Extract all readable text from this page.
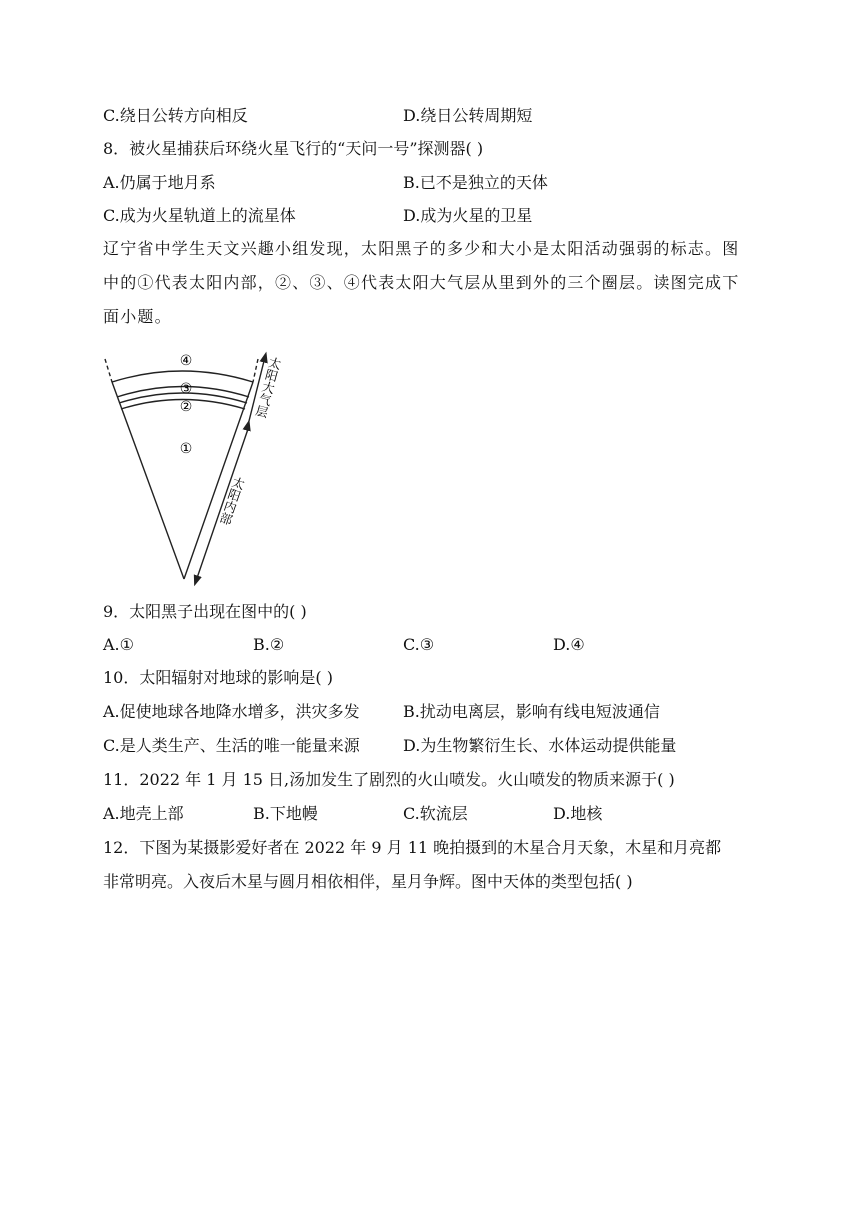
C.绕日公转方向相反	D.绕日公转周期短
8．被火星捕获后环绕火星飞行的“天问一号”探测器( )
A.仍属于地月系	B.已不是独立的天体
C.成为火星轨道上的流星体	D.成为火星的卫星
辽宁省中学生天文兴趣小组发现，太阳黑子的多少和大小是太阳活动强弱的标志。图
中的①代表太阳内部，②、③、④代表太阳大气层从里到外的三个圈层。读图完成下
面小题。
④
③
②
①
太阳大气层
太阳内部
9．太阳黑子出现在图中的( )
A.①	B.②	C.③	D.④
10．太阳辐射对地球的影响是( )
A.促使地球各地降水增多，洪灾多发	B.扰动电离层，影响有线电短波通信
C.是人类生产、生活的唯一能量来源	D.为生物繁衍生长、水体运动提供能量
11．2022 年 1 月 15 日,汤加发生了剧烈的火山喷发。火山喷发的物质来源于( )
A.地壳上部	B.下地幔	C.软流层	D.地核
12．下图为某摄影爱好者在 2022 年 9 月 11 晚拍摄到的木星合月天象，木星和月亮都
非常明亮。入夜后木星与圆月相依相伴，星月争辉。图中天体的类型包括( )
